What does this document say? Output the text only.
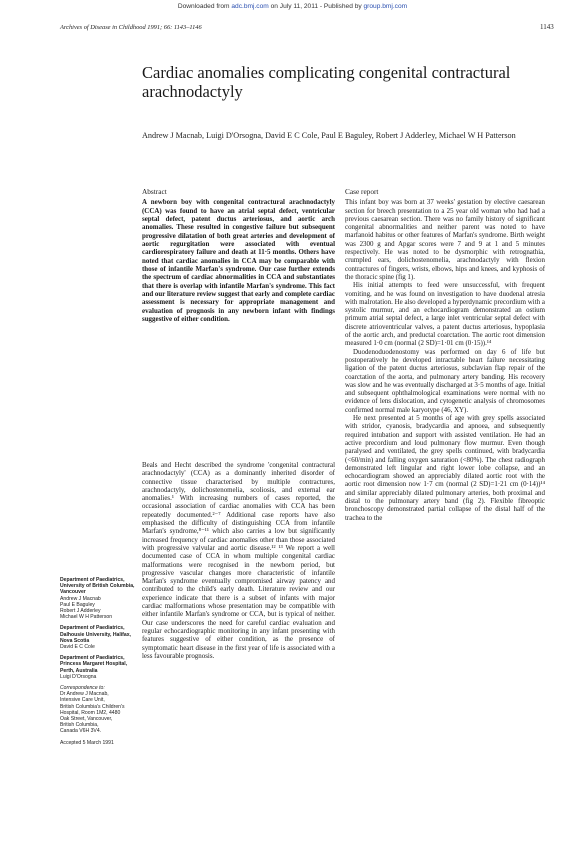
Downloaded from adc.bmj.com on July 11, 2011 - Published by group.bmj.com
Archives of Disease in Childhood 1991; 66: 1143–1146	1143
Cardiac anomalies complicating congenital contractural arachnodactyly
Andrew J Macnab, Luigi D'Orsogna, David E C Cole, Paul E Baguley, Robert J Adderley, Michael W H Patterson
Abstract

A newborn boy with congenital contractural arachnodactyly (CCA) was found to have an atrial septal defect, ventricular septal defect, patent ductus arteriosus, and aortic arch anomalies. These resulted in congestive failure but subsequent progressive dilatation of both great arteries and development of aortic regurgitation were associated with eventual cardiorespiratory failure and death at 11·5 months. Others have noted that cardiac anomalies in CCA may be comparable with those of infantile Marfan's syndrome. Our case further extends the spectrum of cardiac abnormalities in CCA and substantiates that there is overlap with infantile Marfan's syndrome. This fact and our literature review suggest that early and complete cardiac assessment is necessary for appropriate management and evaluation of prognosis in any newborn infant with findings suggestive of either condition.

Beals and Hecht described the syndrome 'congenital contractural arachnodactyly' (CCA) as a dominantly inherited disorder of connective tissue characterised by multiple contractures, arachnodactyly, dolichostenomelia, scoliosis, and external ear anomalies.¹ With increasing numbers of cases reported, the occasional association of cardiac anomalies with CCA has been repeatedly documented.²⁻⁷ Additional case reports have also emphasised the difficulty of distinguishing CCA from infantile Marfan's syndrome,⁸⁻¹¹ which also carries a low but significantly increased frequency of cardiac anomalies other than those associated with progressive valvular and aortic disease.¹² ¹³ We report a well documented case of CCA in whom multiple congenital cardiac malformations were recognised in the newborn period, but progressive vascular changes more characteristic of infantile Marfan's syndrome eventually compromised airway patency and contributed to the child's early death. Literature review and our experience indicate that there is a subset of infants with major cardiac malformations whose presentation may be compatible with either infantile Marfan's syndrome or CCA, but is typical of neither. Our case underscores the need for careful cardiac evaluation and regular echocardiographic monitoring in any infant presenting with features suggestive of either condition, as the presence of symptomatic heart disease in the first year of life is associated with a less favourable prognosis.

Case report

This infant boy was born at 37 weeks' gestation by elective caesarean section for breech presentation to a 25 year old woman who had had a previous caesarean section. There was no family history of significant congenital abnormalities and neither parent was noted to have marfanoid habitus or other features of Marfan's syndrome. Birth weight was 2300 g and Apgar scores were 7 and 9 at 1 and 5 minutes respectively. He was noted to be dysmorphic with retrognathia, crumpled ears, dolichostenomelia, arachnodactyly with flexion contractures of fingers, wrists, elbows, hips and knees, and kyphosis of the thoracic spine (fig 1).

His initial attempts to feed were unsuccessful, with frequent vomiting, and he was found on investigation to have duodenal atresia with malrotation. He also developed a hyperdynamic precordium with a systolic murmur, and an echocardiogram demonstrated an ostium primum atrial septal defect, a large inlet ventricular septal defect with discrete atrioventricular valves, a patent ductus arteriosus, hypoplasia of the aortic arch, and preductal coarctation. The aortic root dimension measured 1·0 cm (normal (2 SD)=1·01 cm (0·15)).¹⁴

Duodenoduodenostomy was performed on day 6 of life but postoperatively he developed intractable heart failure necessitating ligation of the patent ductus arteriosus, subclavian flap repair of the coarctation of the aorta, and pulmonary artery banding. His recovery was slow and he was eventually discharged at 3·5 months of age. Initial and subsequent ophthalmological examinations were normal with no evidence of lens dislocation, and cytogenetic analysis of chromosomes confirmed normal male karyotype (46, XY).

He next presented at 5 months of age with grey spells associated with stridor, cyanosis, bradycardia and apnoea, and subsequently required intubation and support with assisted ventilation. He had an active precordium and loud pulmonary flow murmur. Even though paralysed and ventilated, the grey spells continued, with bradycardia (<60/min) and falling oxygen saturation (<80%). The chest radiograph demonstrated left lingular and right lower lobe collapse, and an echocardiogram showed an appreciably dilated aortic root with the aortic root dimension now 1·7 cm (normal (2 SD)=1·21 cm (0·14))¹⁴ and similar appreciably dilated pulmonary arteries, both proximal and distal to the pulmonary artery band (fig 2). Flexible fibreoptic bronchoscopy demonstrated partial collapse of the distal half of the trachea to the

Department of Paediatrics, University of British Columbia, Vancouver
Andrew J Macnab
Paul E Baguley
Robert J Adderley
Michael W H Patterson
Department of Paediatrics, Dalhousie University, Halifax, Nova Scotia
David E C Cole
Department of Paediatrics, Princess Margaret Hospital, Perth, Australia
Luigi D'Orsogna
Correspondence to:
Dr Andrew J Macnab,
Intensive Care Unit,
British Columbia's Children's
Hospital, Room 1M2, 4480
Oak Street, Vancouver,
British Columbia,
Canada V6H 3V4.
Accepted 5 March 1991
